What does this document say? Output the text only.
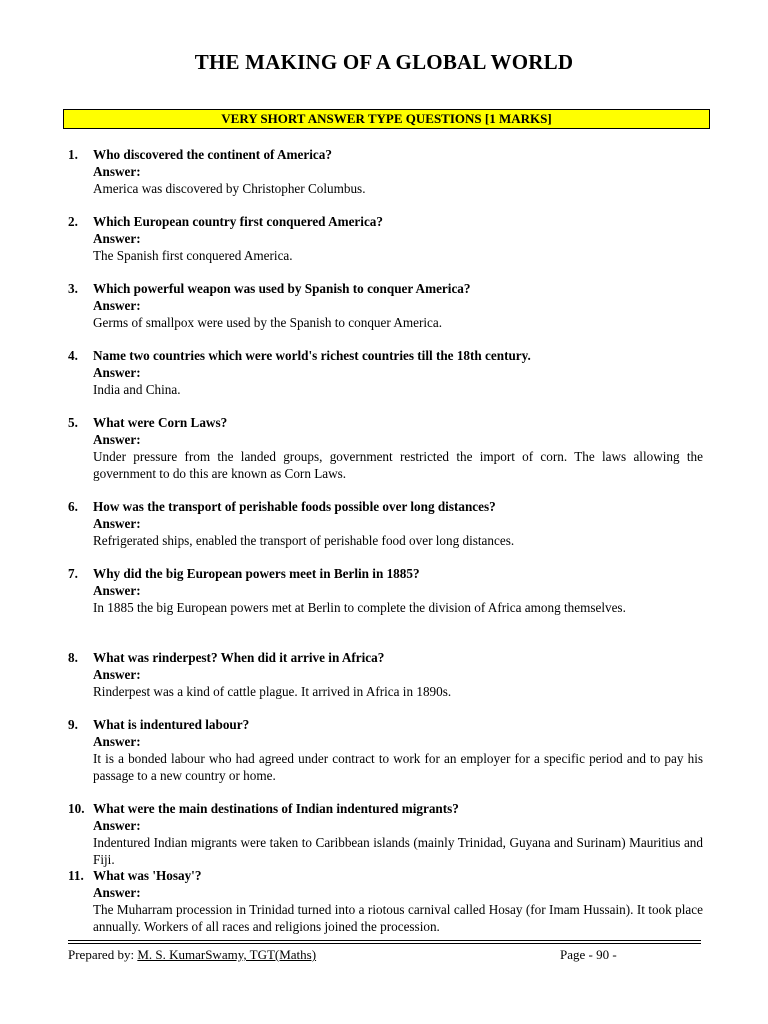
THE MAKING OF A GLOBAL WORLD
VERY SHORT ANSWER TYPE QUESTIONS [1 MARKS]
1. Who discovered the continent of America?
Answer:
America was discovered by Christopher Columbus.
2. Which European country first conquered America?
Answer:
The Spanish first conquered America.
3. Which powerful weapon was used by Spanish to conquer America?
Answer:
Germs of smallpox were used by the Spanish to conquer America.
4. Name two countries which were world's richest countries till the 18th century.
Answer:
India and China.
5. What were Corn Laws?
Answer:
Under pressure from the landed groups, government restricted the import of corn. The laws allowing the government to do this are known as Corn Laws.
6. How was the transport of perishable foods possible over long distances?
Answer:
Refrigerated ships, enabled the transport of perishable food over long distances.
7. Why did the big European powers meet in Berlin in 1885?
Answer:
In 1885 the big European powers met at Berlin to complete the division of Africa among themselves.
8. What was rinderpest? When did it arrive in Africa?
Answer:
Rinderpest was a kind of cattle plague. It arrived in Africa in 1890s.
9. What is indentured labour?
Answer:
It is a bonded labour who had agreed under contract to work for an employer for a specific period and to pay his passage to a new country or home.
10. What were the main destinations of Indian indentured migrants?
Answer:
Indentured Indian migrants were taken to Caribbean islands (mainly Trinidad, Guyana and Surinam) Mauritius and Fiji.
11. What was 'Hosay'?
Answer:
The Muharram procession in Trinidad turned into a riotous carnival called Hosay (for Imam Hussain). It took place annually. Workers of all races and religions joined the procession.
Prepared by: M. S. KumarSwamy, TGT(Maths)	Page - 90 -
